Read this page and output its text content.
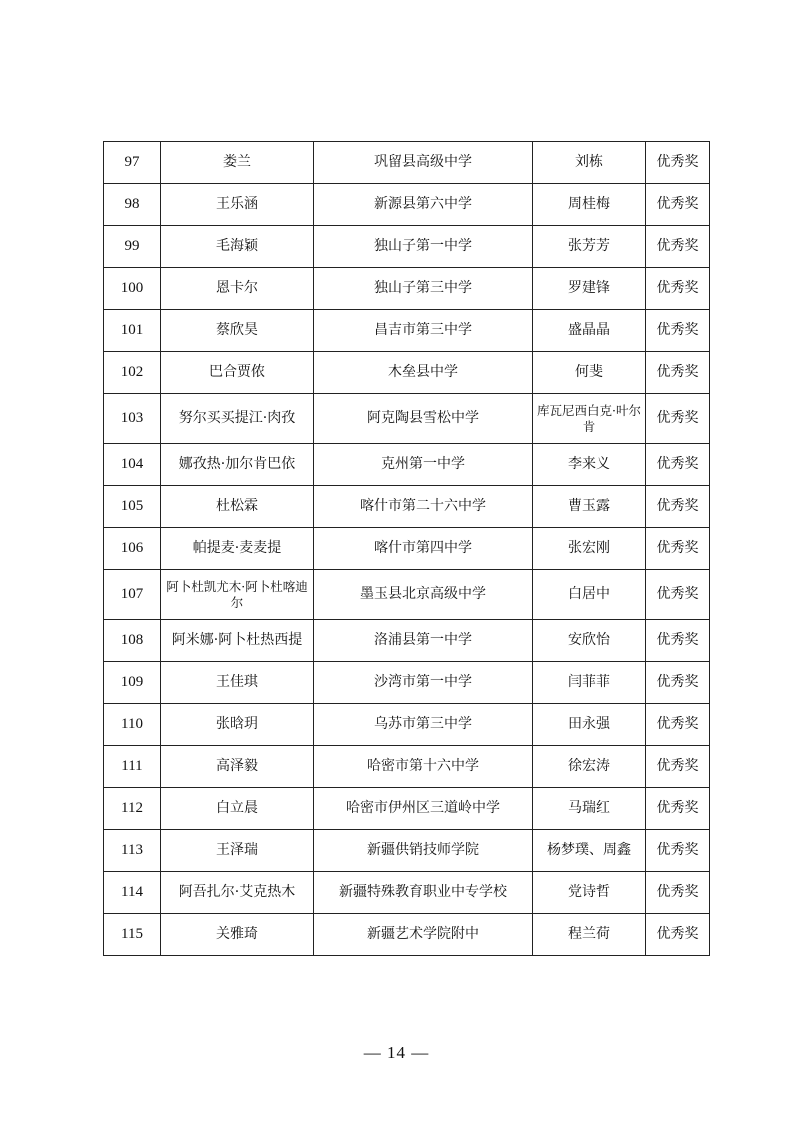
97	娄兰	巩留县高级中学	刘栋	优秀奖
98	王乐涵	新源县第六中学	周桂梅	优秀奖
99	毛海颖	独山子第一中学	张芳芳	优秀奖
100	恩卡尔	独山子第三中学	罗建锋	优秀奖
101	蔡欣昊	昌吉市第三中学	盛晶晶	优秀奖
102	巴合贾侬	木垒县中学	何斐	优秀奖
103	努尔买买提江·肉孜	阿克陶县雪松中学	库瓦尼西白克·叶尔肯	优秀奖
104	娜孜热·加尔肯巴依	克州第一中学	李来义	优秀奖
105	杜松霖	喀什市第二十六中学	曹玉露	优秀奖
106	帕提麦·麦麦提	喀什市第四中学	张宏刚	优秀奖
107	阿卜杜凯尤木·阿卜杜喀迪尔	墨玉县北京高级中学	白居中	优秀奖
108	阿米娜·阿卜杜热西提	洛浦县第一中学	安欣怡	优秀奖
109	王佳琪	沙湾市第一中学	闫菲菲	优秀奖
110	张晗玥	乌苏市第三中学	田永强	优秀奖
111	高泽毅	哈密市第十六中学	徐宏涛	优秀奖
112	白立晨	哈密市伊州区三道岭中学	马瑞红	优秀奖
113	王泽瑞	新疆供销技师学院	杨梦璞、周鑫	优秀奖
114	阿吾扎尔·艾克热木	新疆特殊教育职业中专学校	党诗哲	优秀奖
115	关雅琦	新疆艺术学院附中	程兰荷	优秀奖
— 14 —
